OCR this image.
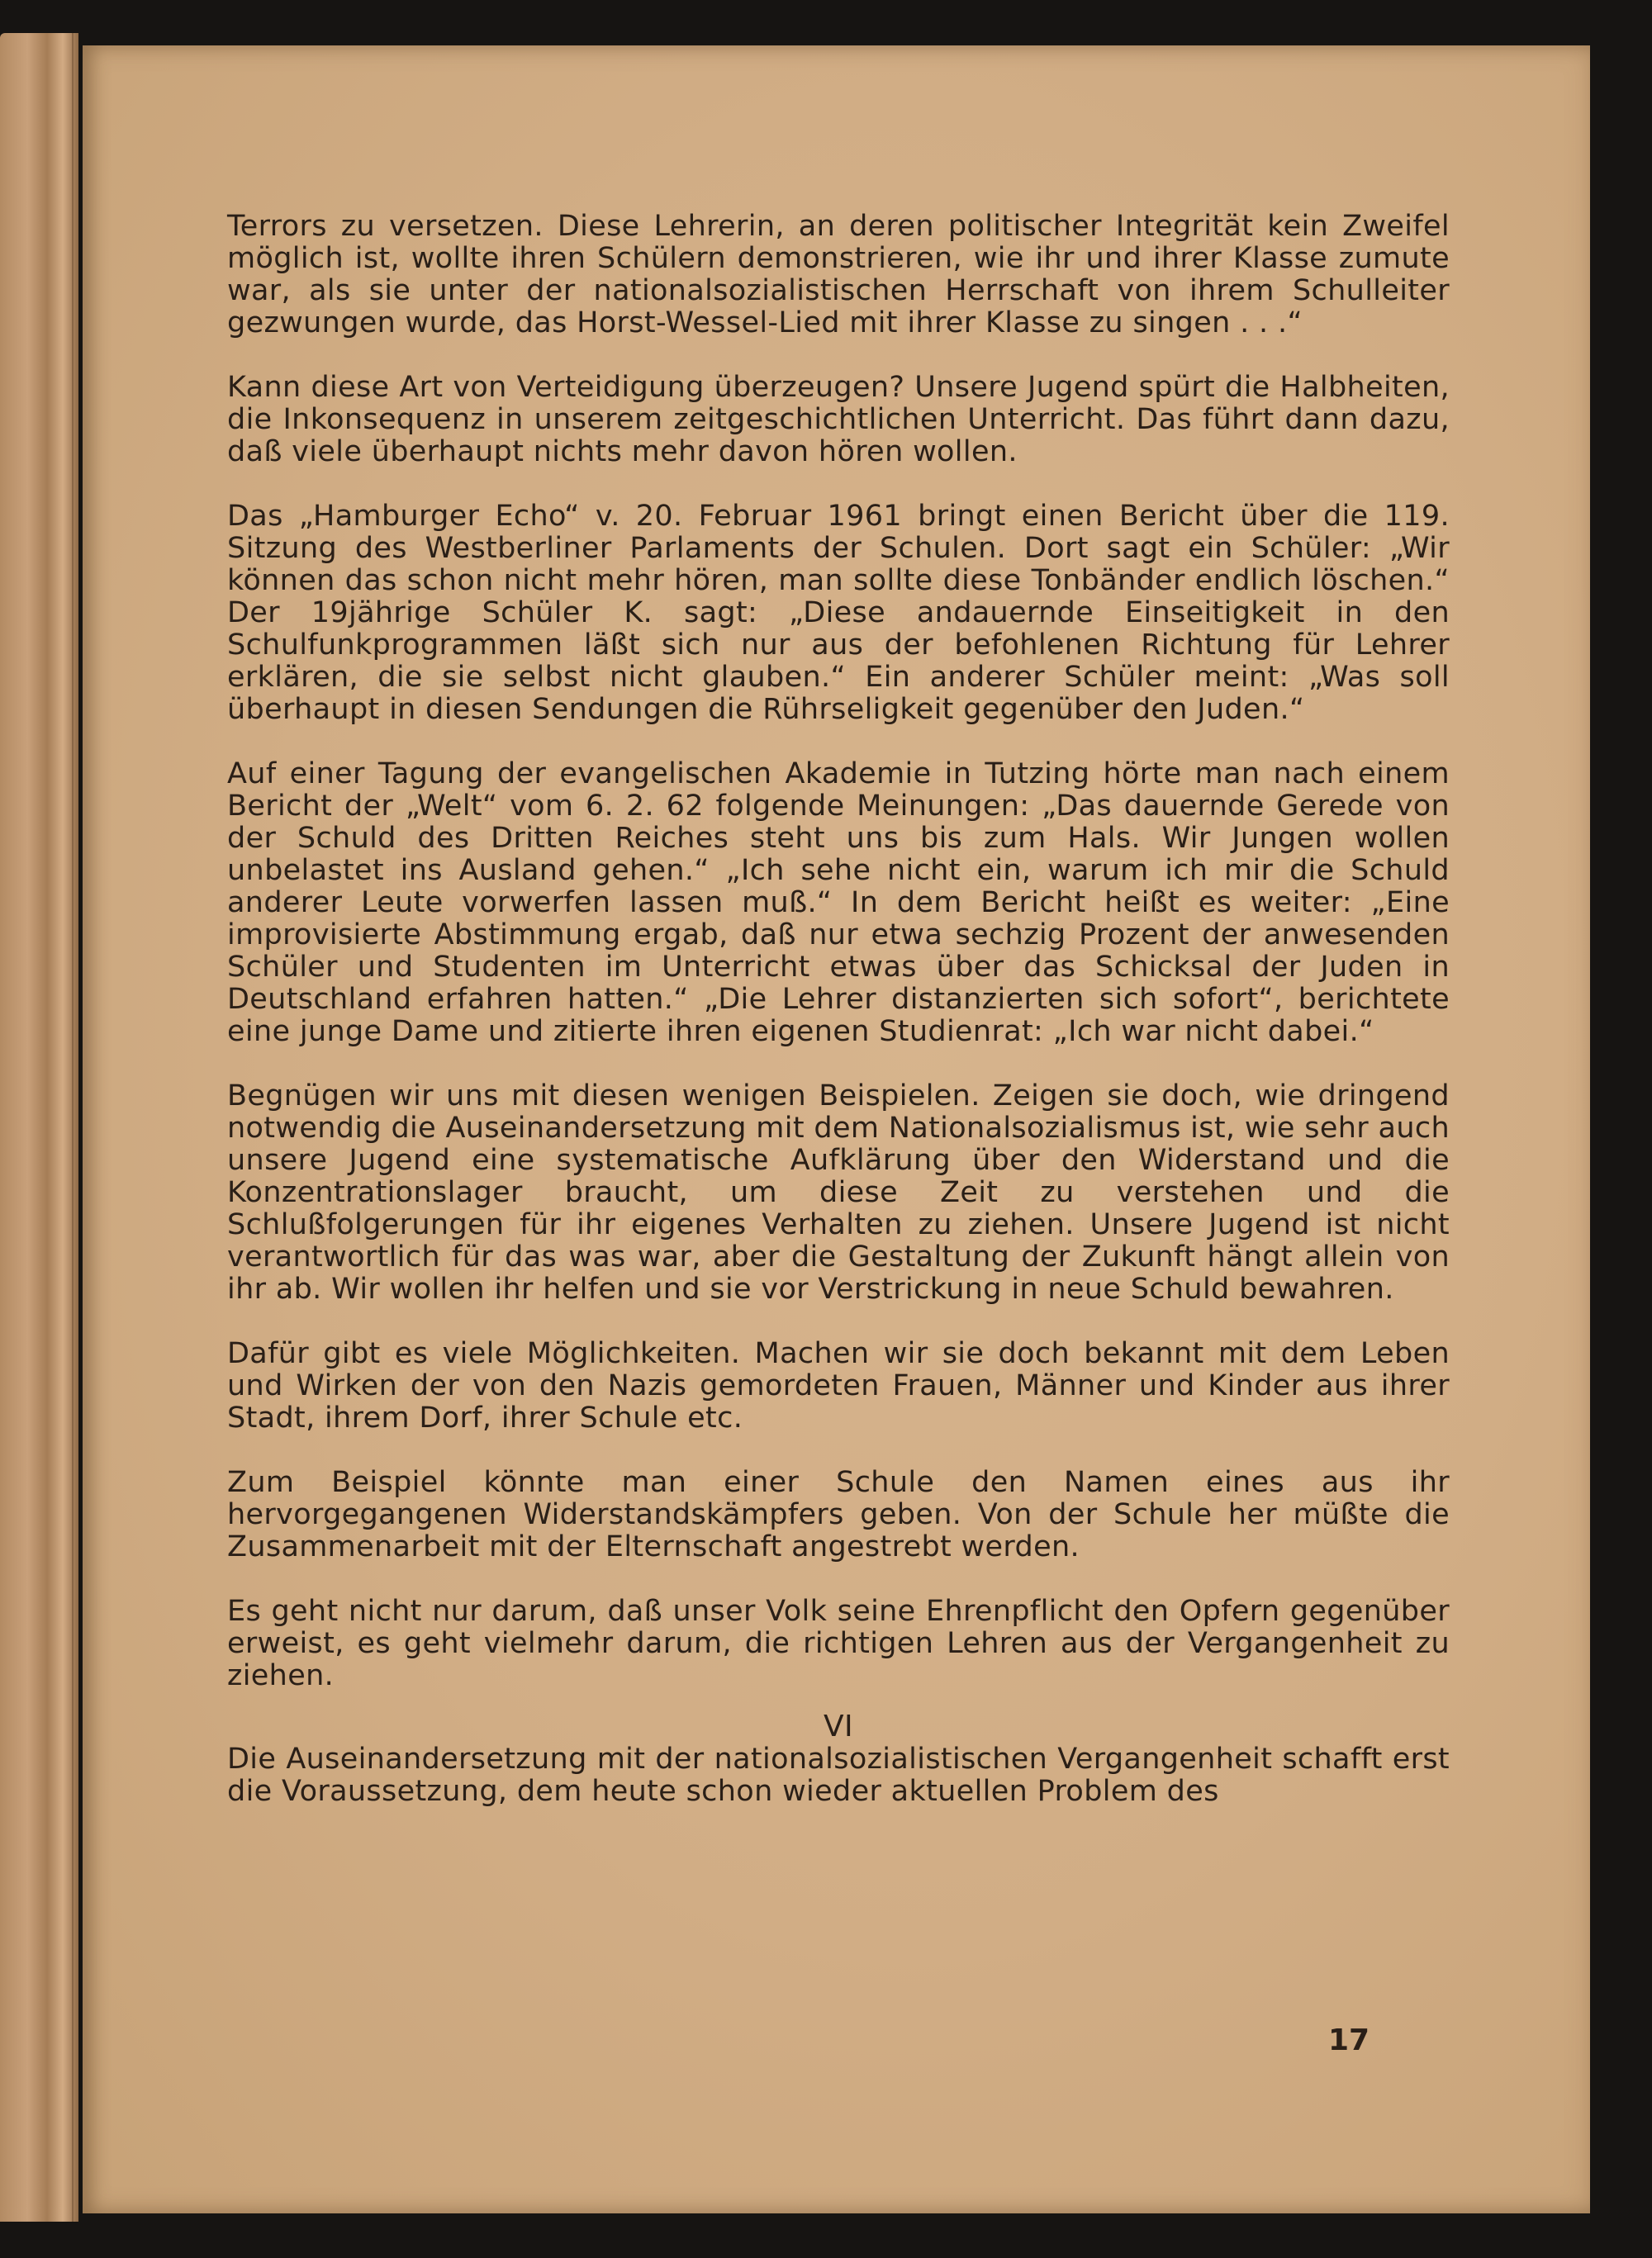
Terrors zu versetzen. Diese Lehrerin, an deren politischer Integrität kein Zweifel möglich ist, wollte ihren Schülern demonstrieren, wie ihr und ihrer Klasse zumute war, als sie unter der nationalsozialistischen Herrschaft von ihrem Schulleiter gezwungen wurde, das Horst-Wessel-Lied mit ihrer Klasse zu singen . . .“

Kann diese Art von Verteidigung überzeugen? Unsere Jugend spürt die Halbheiten, die Inkonsequenz in unserem zeitgeschichtlichen Unterricht. Das führt dann dazu, daß viele überhaupt nichts mehr davon hören wollen.

Das „Hamburger Echo“ v. 20. Februar 1961 bringt einen Bericht über die 119. Sitzung des Westberliner Parlaments der Schulen. Dort sagt ein Schüler: „Wir können das schon nicht mehr hören, man sollte diese Tonbänder endlich löschen.“ Der 19jährige Schüler K. sagt: „Diese andauernde Einseitigkeit in den Schulfunkprogrammen läßt sich nur aus der befohlenen Richtung für Lehrer erklären, die sie selbst nicht glauben.“ Ein anderer Schüler meint: „Was soll überhaupt in diesen Sendungen die Rührseligkeit gegenüber den Juden.“

Auf einer Tagung der evangelischen Akademie in Tutzing hörte man nach einem Bericht der „Welt“ vom 6. 2. 62 folgende Meinungen: „Das dauernde Gerede von der Schuld des Dritten Reiches steht uns bis zum Hals. Wir Jungen wollen unbelastet ins Ausland gehen.“ „Ich sehe nicht ein, warum ich mir die Schuld anderer Leute vorwerfen lassen muß.“ In dem Bericht heißt es weiter: „Eine improvisierte Abstimmung ergab, daß nur etwa sechzig Prozent der anwesenden Schüler und Studenten im Unterricht etwas über das Schicksal der Juden in Deutschland erfahren hatten.“ „Die Lehrer distanzierten sich sofort“, berichtete eine junge Dame und zitierte ihren eigenen Studienrat: „Ich war nicht dabei.“

Begnügen wir uns mit diesen wenigen Beispielen. Zeigen sie doch, wie dringend notwendig die Auseinandersetzung mit dem Nationalsozialismus ist, wie sehr auch unsere Jugend eine systematische Aufklärung über den Widerstand und die Konzentrationslager braucht, um diese Zeit zu verstehen und die Schlußfolgerungen für ihr eigenes Verhalten zu ziehen. Unsere Jugend ist nicht verantwortlich für das was war, aber die Gestaltung der Zukunft hängt allein von ihr ab. Wir wollen ihr helfen und sie vor Verstrickung in neue Schuld bewahren.

Dafür gibt es viele Möglichkeiten. Machen wir sie doch bekannt mit dem Leben und Wirken der von den Nazis gemordeten Frauen, Männer und Kinder aus ihrer Stadt, ihrem Dorf, ihrer Schule etc.

Zum Beispiel könnte man einer Schule den Namen eines aus ihr hervorgegangenen Widerstandskämpfers geben. Von der Schule her müßte die Zusammenarbeit mit der Elternschaft angestrebt werden.

Es geht nicht nur darum, daß unser Volk seine Ehrenpflicht den Opfern gegenüber erweist, es geht vielmehr darum, die richtigen Lehren aus der Vergangenheit zu ziehen.

VI

Die Auseinandersetzung mit der nationalsozialistischen Vergangenheit schafft erst die Voraussetzung, dem heute schon wieder aktuellen Problem des

17
